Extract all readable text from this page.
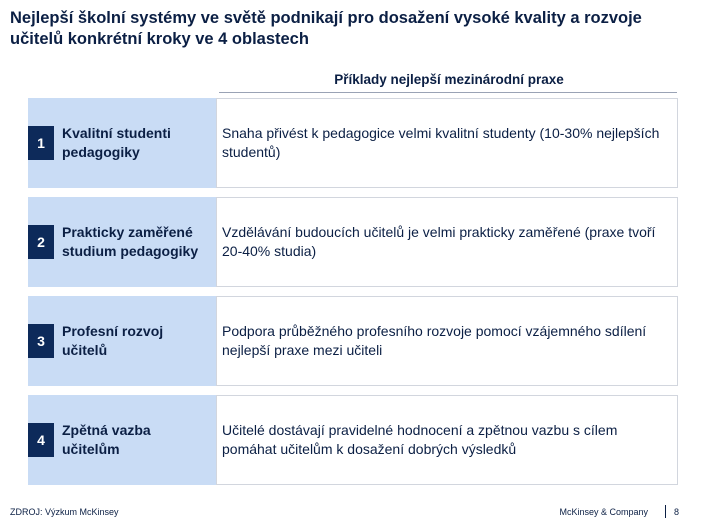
Nejlepší školní systémy ve světě podnikají pro dosažení vysoké kvality a rozvoje učitelů konkrétní kroky ve 4 oblastech
Příklady nejlepší mezinárodní praxe
1
Kvalitní studenti pedagogiky
Snaha přivést k pedagogice velmi kvalitní studenty (10-30% nejlepších studentů)
2
Prakticky zaměřené studium pedagogiky
Vzdělávání budoucích učitelů je velmi prakticky zaměřené (praxe tvoří 20-40% studia)
3
Profesní rozvoj učitelů
Podpora průběžného profesního rozvoje pomocí vzájemného sdílení nejlepší praxe mezi učiteli
4
Zpětná vazba učitelům
Učitelé dostávají pravidelné hodnocení a zpětnou vazbu s cílem pomáhat učitelům k dosažení dobrých výsledků
ZDROJ: Výzkum McKinsey	McKinsey & Company	8
